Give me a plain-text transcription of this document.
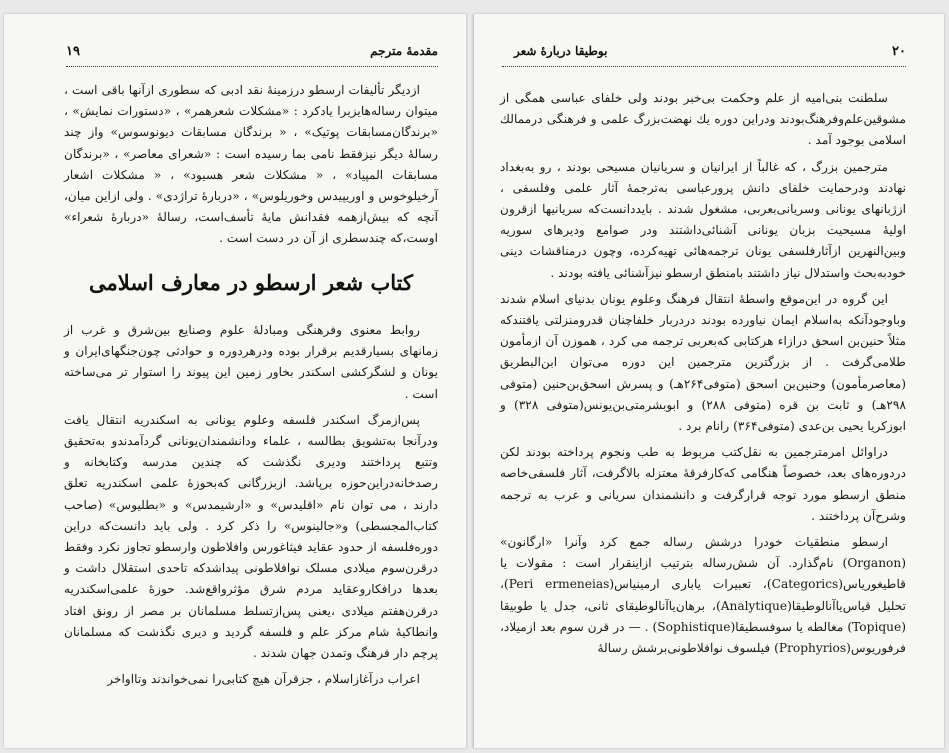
۱۹	مقدمهٔ مترجم

ازدیگر تألیفات ارسطو درزمینهٔ نقد ادبی که سطوری ازآنها باقی است ، میتوان رساله‌هایزیرا یادکرد : «مشکلات شعرهمر» ، «دستورات نمایش» ، «برندگان‌مسابقات پوتیک» ، « برندگان مسابقات دیونوسوس» واز چند رسالهٔ دیگر نیزفقط نامی بما رسیده است : «شعرای معاصر» ، «برندگان مسابقات المپیاد» ، « مشکلات شعر هسیود» ، « مشکلات اشعار آرخیلوخوس و اوریپیدس وخوریلوس» ، «دربارهٔ تراژدی» . ولی ازاین میان، آنچه که بیش‌ازهمه فقدانش مایهٔ تأسف‌است، رسالهٔ «دربارهٔ شعراء» اوست،که چندسطری از آن در دست است .

کتاب شعر ارسطو در معارف اسلامی

روابط معنوی وفرهنگی ومبادلهٔ علوم وصنایع بین‌شرق و غرب از زمانهای بسیارقدیم برقرار بوده ودرهردوره و حوادثی چون‌جنگهای‌ایران و یونان و لشگرکشی اسکندر بخاور زمین این پیوند را استوار تر می‌ساخته است .

پس‌ازمرگ اسکندر فلسفه وعلوم یونانی به اسکندریه انتقال یافت ودرآنجا به‌تشویق بطالسه ، علماء ودانشمندان‌یونانی گردآمدندو به‌تحقیق وتتبع پرداختند ودیری نگذشت که چندین مدرسه وکتابخانه و رصدخانه‌دراین‌حوزه برپاشد. ازبزرگانی که‌بحوزهٔ علمی اسکندریه تعلق دارند ، می توان نام «اقلیدس» و «ارشیمدس» و «بطلیوس» (صاحب کتاب‌المجسطی) و«جالینوس» را ذکر کرد . ولی باید دانست‌که دراین دوره‌فلسفه از حدود عقاید فیثاغورس وافلاطون وارسطو تجاوز نکرد وفقط درقرن‌سوم میلادی مسلک نوافلاطونی پیداشدکه تاحدی استقلال داشت و بعدها درافکاروعقاید مردم شرق مؤثرواقع‌شد. حوزهٔ علمی‌اسکندریه درقرن‌هفتم میلادی ،یعنی پس‌ازتسلط مسلمانان بر مصر از رونق افتاد وانطاکیهٔ شام مرکز علم و فلسفه گردید و دیری نگذشت که مسلمانان پرچم دار فرهنگ وتمدن جهان شدند .

اعراب درآغازاسلام ، جزقرآن هیچ کتابی‌را نمی‌خواندند وتااواخر

۲۰
بوطیقا دربارهٔ شعر

سلطنت بنی‌امیه از علم وحکمت بی‌خبر بودند ولی خلفای عباسی همگی از مشوقین‌علم‌وفرهنگ‌بودند ودراین دوره یك نهضت‌بزرگ علمی و فرهنگی درممالك اسلامی بوجود آمد .

مترجمین بزرگ ، که غالباً از ایرانیان و سریانیان مسیحی بودند ، رو به‌بغداد نهادند ودرحمایت خلفای دانش پرورعباسی به‌ترجمهٔ آثار علمی وفلسفی ، ازژبانهای یونانی وسریانی‌بعربی، مشغول شدند . بایددانست‌که سریانیها ازقرون اولیهٔ مسیحیت بزبان یونانی آشنائی‌داشتند ودر صوامع ودیرهای سوریه وبین‌النهرین ازآثارفلسفی یونان ترجمه‌هائی تهیه‌کرده، وچون درمناقشات دینی خودبه‌بحث واستدلال نیاز داشتند بامنطق ارسطو نیزآشنائی یافته بودند .

این گروه در این‌موقع واسطهٔ انتقال فرهنگ وعلوم یونان بدنیای اسلام شدند وباوجودآنکه به‌اسلام ایمان نیاورده بودند دردربار خلفاچنان قدرومنزلتی یافتند‌که مثلاً حنین‌بن اسحق درازاء هرکتابی که‌بعربی ترجمه می کرد ، هموزن آن ازمأمون طلامی‌گرفت . از بزرگترین مترجمین این دوره می‌توان ابن‌البطریق (معاصرمأمون) وحنین‌بن اسحق (متوفی۲۶۴هـ) و پسرش اسحق‌بن‌حنین (متوفی ۲۹۸هـ) و ثابت بن قره (متوفی ۲۸۸) و ابوبشرمتی‌بن‌یونس(متوفی ۳۲۸) و ابوزکریا یحیی بن‌عدی (متوفی۳۶۴) را‌نام برد .

دراوائل امرمترجمین به نقل‌کتب مربوط به طب ونجوم پرداخته بودند لکن دردوره‌های بعد، خصوصاً هنگامی که‌کارفرقهٔ معتزله بالاگرفت، آثار فلسفی‌خاصه منطق ارسطو مورد توجه قرارگرفت و دانشمندان سریانی و عرب به ترجمه وشرح‌آن پرداختند .

ارسطو منطقیات خودرا درشش رساله جمع کرد وآنرا «ارگانون» (Organon) نام‌گذارد. آن شش‌رساله بترتیب ازاینقرار است : مقولات یا قاطیغوریاس(Categorics)، تعبیرات یاباری ارمینیاس(Peri ermeneias)، تحلیل قیاس‌یاآنالوطیقا(Analytique)، برهان‌یاآنالوطیقای ثانی، جدل یا طوبیقا (Topique) مغالطه یا سوفسطیقا(Sophistique) . — در قرن سوم بعد ازمیلاد، فرفوریوس(Prophyrios) فیلسوف نوافلاطونی‌برشش رسالهٔ
